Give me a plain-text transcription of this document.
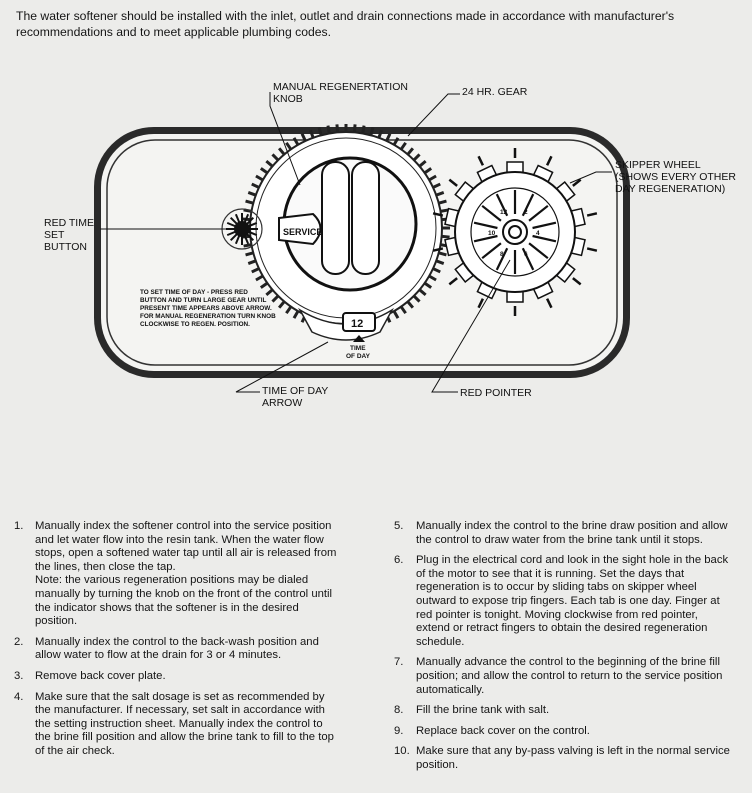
The water softener should be installed with the inlet, outlet and drain connections made in accordance with manufacturer's recommendations and to meet applicable plumbing codes.

SERVICE
12
TIME
OF DAY
2
4
6
8
10
12
TO SET TIME OF DAY - PRESS RED
BUTTON AND TURN LARGE GEAR UNTIL
PRESENT TIME APPEARS ABOVE ARROW.
FOR MANUAL REGENERATION TURN KNOB
CLOCKWISE TO REGEN. POSITION.
MANUAL REGENERTATION
KNOB
24 HR. GEAR
SKIPPER WHEEL
(SHOWS EVERY OTHER
DAY REGENERATION)
RED TIME
SET
BUTTON
TIME OF DAY
ARROW
RED POINTER
1. Manually index the softener control into the service position and let water flow into the resin tank. When the water flow stops, open a softened water tap until all air is released from the lines, then close the tap.
Note: the various regeneration positions may be dialed manually by turning the knob on the front of the control until the indicator shows that the softener is in the desired position.
2. Manually index the control to the back-wash position and allow water to flow at the drain for 3 or 4 minutes.
3. Remove back cover plate.
4. Make sure that the salt dosage is set as recommended by the manufacturer. If necessary, set salt in accordance with the setting instruction sheet. Manually index the control to the brine fill position and allow the brine tank to fill to the top of the air check.
5. Manually index the control to the brine draw position and allow the control to draw water from the brine tank until it stops.
6. Plug in the electrical cord and look in the sight hole in the back of the motor to see that it is running. Set the days that regeneration is to occur by sliding tabs on skipper wheel outward to expose trip fingers. Each tab is one day. Finger at red pointer is tonight. Moving clockwise from red pointer, extend or retract fingers to obtain the desired regeneration schedule.
7. Manually advance the control to the beginning of the brine fill position; and allow the control to return to the service position automatically.
8. Fill the brine tank with salt.
9. Replace back cover on the control.
10. Make sure that any by-pass valving is left in the normal service position.
